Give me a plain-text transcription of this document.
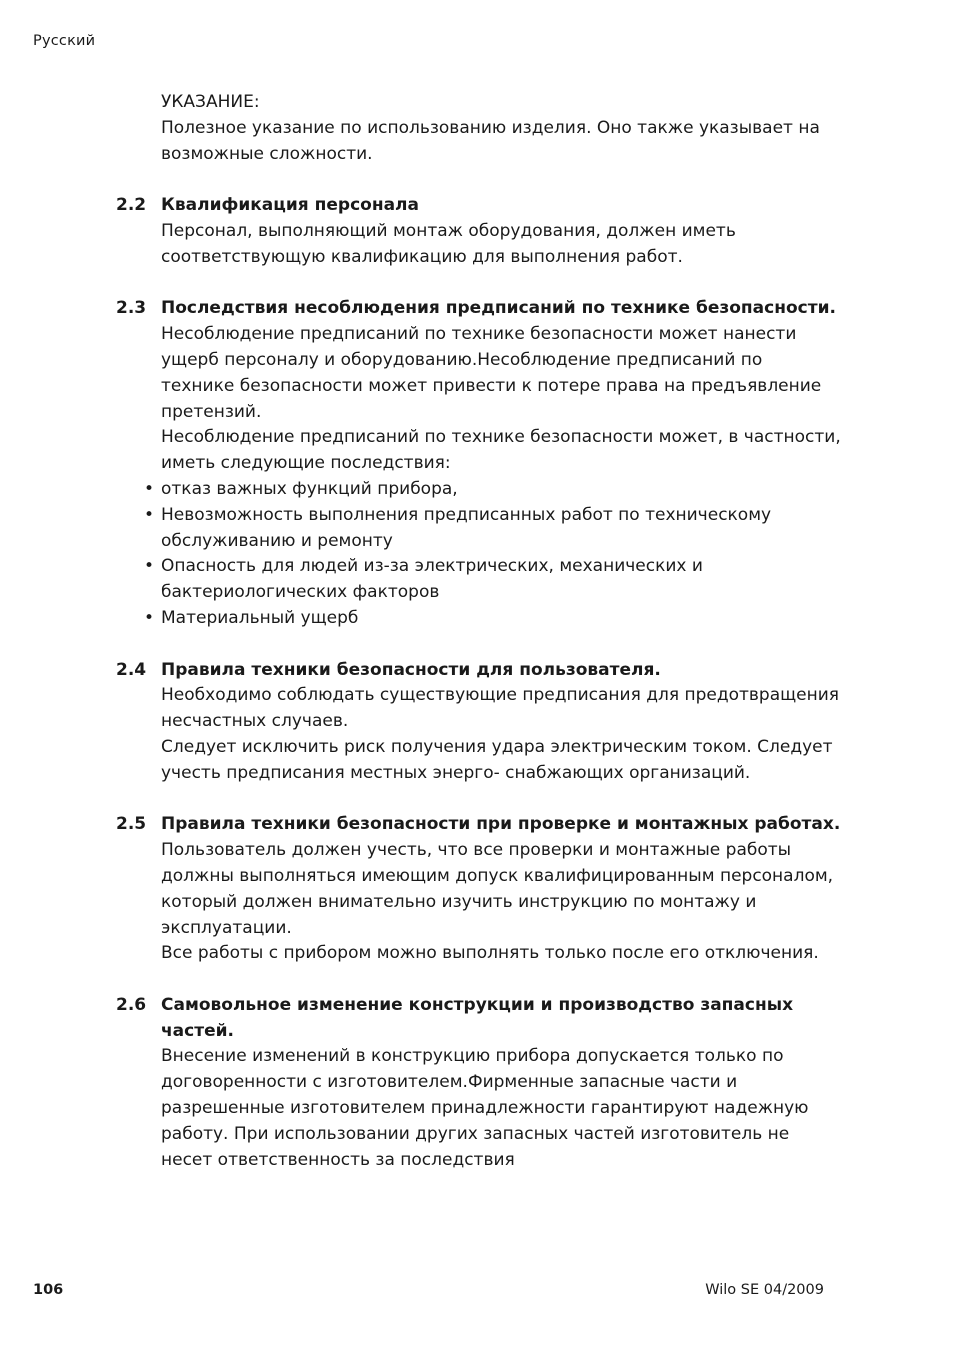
Русский
УКАЗАНИЕ:
Полезное указание по использованию изделия. Оно также указывает на возможные сложности.
2.2 Квалификация персонала

Персонал, выполняющий монтаж оборудования, должен иметь соответствующую квалификацию для выполнения работ.

2.3 Последствия несоблюдения предписаний по технике безопасности.

Несоблюдение предписаний по технике безопасности может нанести ущерб персоналу и оборудованию.Несоблюдение предписаний по технике безопасности может привести к потере права на предъявление претензий.

Несоблюдение предписаний по технике безопасности может, в частности, иметь следующие последствия:

• отказ важных функций прибора,
• Невозможность выполнения предписанных работ по техническому обслуживанию и ремонту
• Опасность для людей из-за электрических, механических и бактериологических факторов
• Материальный ущерб
2.4 Правила техники безопасности для пользователя.

Необходимо соблюдать существующие предписания для предотвращения несчастных случаев.

Следует исключить риск получения удара электрическим током. Следует учесть предписания местных энерго- снабжающих организаций.

2.5 Правила техники безопасности при проверке и монтажных работах.

Пользователь должен учесть, что все проверки и монтажные работы должны выполняться имеющим допуск квалифицированным персоналом, который должен внимательно изучить инструкцию по монтажу и эксплуатации.

Все работы с прибором можно выполнять только после его отключения.

2.6 Самовольное изменение конструкции и производство запасных частей.

Внесение изменений в конструкцию прибора допускается только по договоренности с изготовителем.Фирменные запасные части и разрешенные изготовителем принадлежности гарантируют надежную работу. При использовании других запасных частей изготовитель не несет ответственность за последствия

106	Wilo SE 04/2009
